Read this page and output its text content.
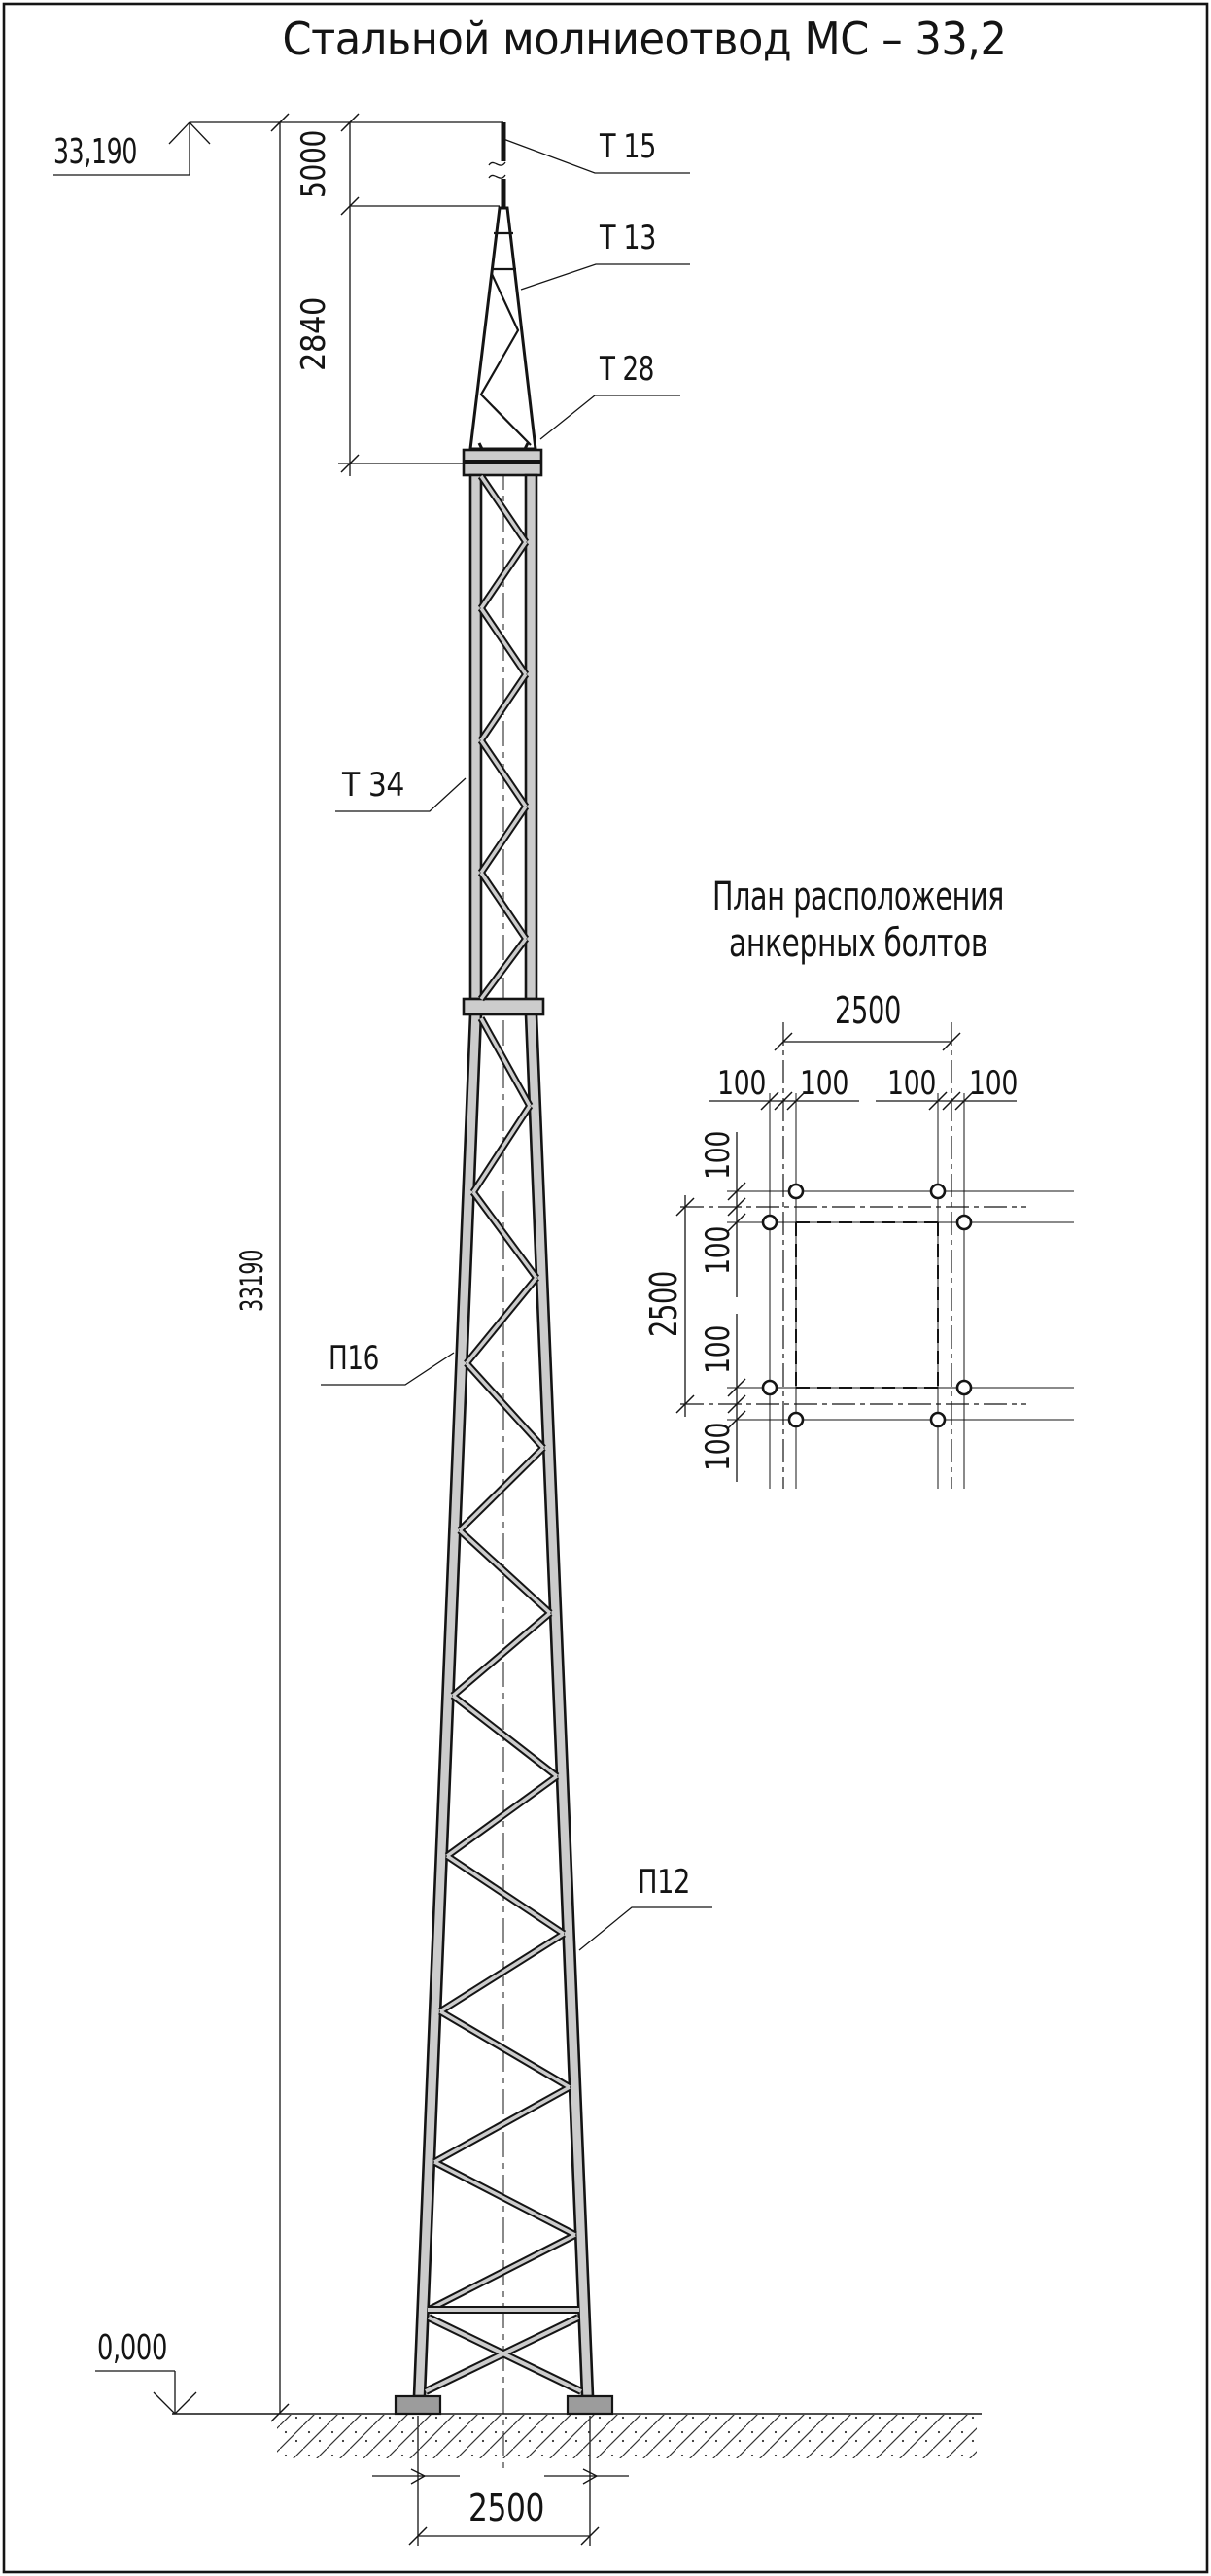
Стальной молниеотвод МС – 33,2
5000
2840
33190
2500
33,190
0,000
Т 15
Т 13
Т 28
Т 34
П16
П12
План расположения
анкерных болтов
2500
2500
100 100 100 100
100
100
100
100
